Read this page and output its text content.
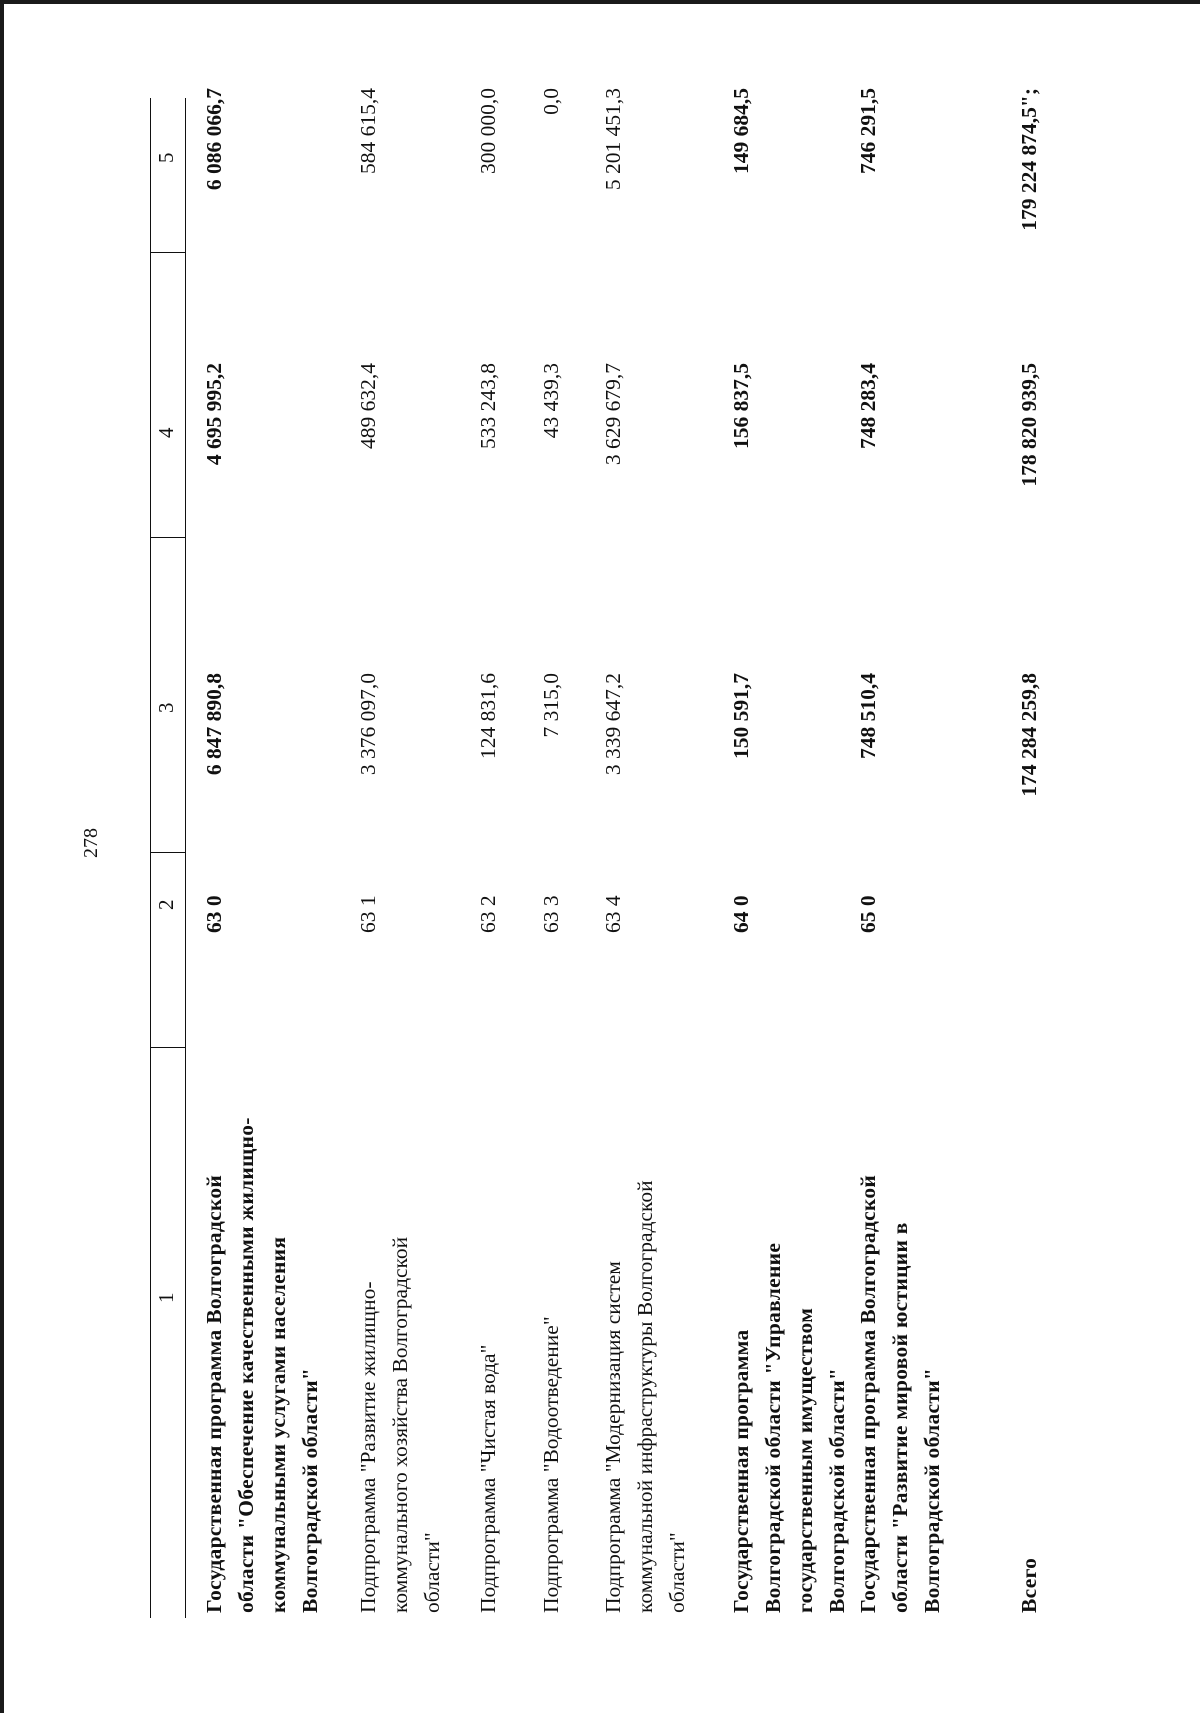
278
1
2
3
4
5
Государственная программа Волгоградской области "Обеспечение качественными жилищно-коммунальными услугами населения Волгоградской области"
63 0
6 847 890,8
4 695 995,2
6 086 066,7
Подпрограмма "Развитие жилищно-коммунального хозяйства Волгоградской области"
63 1
3 376 097,0
489 632,4
584 615,4
Подпрограмма "Чистая вода"
63 2
124 831,6
533 243,8
300 000,0
Подпрограмма "Водоотведение"
63 3
7 315,0
43 439,3
0,0
Подпрограмма "Модернизация систем коммунальной инфраструктуры Волгоградской области"
63 4
3 339 647,2
3 629 679,7
5 201 451,3
Государственная программа Волгоградской области "Управление государственным имуществом Волгоградской области"
64 0
150 591,7
156 837,5
149 684,5
Государственная программа Волгоградской области "Развитие мировой юстиции в Волгоградской области"
65 0
748 510,4
748 283,4
746 291,5
Всего
174 284 259,8
178 820 939,5
179 224 874,5";
